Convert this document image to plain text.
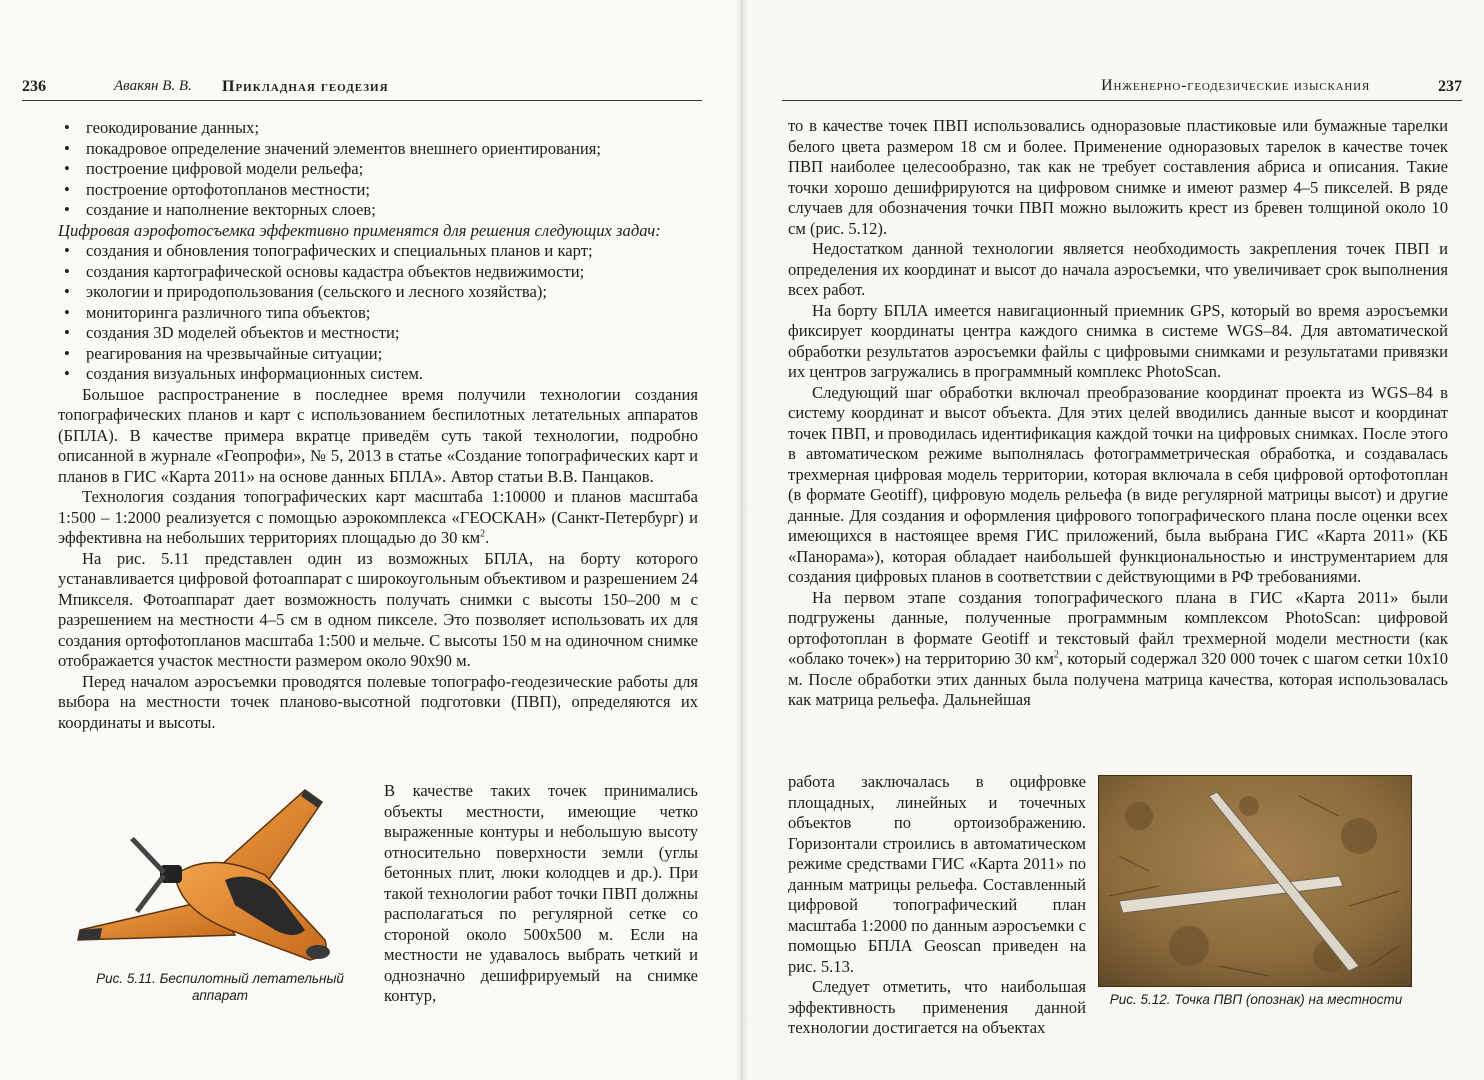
236	Авакян В. В. Прикладная геодезия
• геокодирование данных;
• покадровое определение значений элементов внешнего ориентирования;
• построение цифровой модели рельефа;
• построение ортофотопланов местности;
• создание и наполнение векторных слоев;

Цифровая аэрофотосъемка эффективно применятся для решения следующих задач:

• создания и обновления топографических и специальных планов и карт;
• создания картографической основы кадастра объектов недвижимости;
• экологии и природопользования (сельского и лесного хозяйства);
• мониторинга различного типа объектов;
• создания 3D моделей объектов и местности;
• реагирования на чрезвычайные ситуации;
• создания визуальных информационных систем.

Большое распространение в последнее время получили технологии создания топографических планов и карт с использованием беспилотных летательных аппаратов (БПЛА). В качестве примера вкратце приведём суть такой технологии, подробно описанной в журнале «Геопрофи», № 5, 2013 в статье «Создание топографических карт и планов в ГИС «Карта 2011» на основе данных БПЛА». Автор статьи В.В. Панцаков.

Технология создания топографических карт масштаба 1:10000 и планов масштаба 1:500 – 1:2000 реализуется с помощью аэрокомплекса «ГЕОСКАН» (Санкт-Петербург) и эффективна на небольших территориях площадью до 30 $км^2$.

На рис. 5.11 представлен один из возможных БПЛА, на борту которого устанавливается цифровой фотоаппарат с широкоугольным объективом и разрешением 24 Мпикселя. Фотоаппарат дает возможность получать снимки с высоты 150–200 м с разрешением на местности 4–5 см в одном пикселе. Это позволяет использовать их для создания ортофотопланов масштаба 1:500 и мельче. С высоты 150 м на одиночном снимке отображается участок местности размером около 90х90 м.

Перед началом аэросъемки проводятся полевые топографо-геодезические работы для выбора на местности точек планово-высотной подготовки (ПВП), определяются их координаты и высоты.

Рис. 5.11. Беспилотный летательный аппарат
В качестве таких точек принимались объекты местности, имеющие четко выраженные контуры и небольшую высоту относительно поверхности земли (углы бетонных плит, люки колодцев и др.). При такой технологии работ точки ПВП должны располагаться по регулярной сетке со стороной около 500х500 м. Если на местности не удавалось выбрать четкий и однозначно дешифрируемый на снимке контур,
Инженерно-геодезические изыскания	237

то в качестве точек ПВП использовались одноразовые пластиковые или бумажные тарелки белого цвета размером 18 см и более. Применение одноразовых тарелок в качестве точек ПВП наиболее целесообразно, так как не требует составления абриса и описания. Такие точки хорошо дешифрируются на цифровом снимке и имеют размер 4–5 пикселей. В ряде случаев для обозначения точки ПВП можно выложить крест из бревен толщиной около 10 см (рис. 5.12).

Недостатком данной технологии является необходимость закрепления точек ПВП и определения их координат и высот до начала аэросъемки, что увеличивает срок выполнения всех работ.

На борту БПЛА имеется навигационный приемник GPS, который во время аэросъемки фиксирует координаты центра каждого снимка в системе WGS–84. Для автоматической обработки результатов аэросъемки файлы с цифровыми снимками и результатами привязки их центров загружались в программный комплекс PhotoScan.

Следующий шаг обработки включал преобразование координат проекта из WGS–84 в систему координат и высот объекта. Для этих целей вводились данные высот и координат точек ПВП, и проводилась идентификация каждой точки на цифровых снимках. После этого в автоматическом режиме выполнялась фотограмметрическая обработка, и создавалась трехмерная цифровая модель территории, которая включала в себя цифровой ортофотоплан (в формате Geotiff), цифровую модель рельефа (в виде регулярной матрицы высот) и другие данные. Для создания и оформления цифрового топографического плана после оценки всех имеющихся в настоящее время ГИС приложений, была выбрана ГИС «Карта 2011» (КБ «Панорама»), которая обладает наибольшей функциональностью и инструментарием для создания цифровых планов в соответствии с действующими в РФ требованиями.

На первом этапе создания топографического плана в ГИС «Карта 2011» были подгружены данные, полученные программным комплексом PhotoScan: цифровой ортофотоплан в формате Geotiff и текстовый файл трехмерной модели местности (как «облако точек») на территорию 30 $км^2$, который содержал 320 000 точек с шагом сетки 10х10 м. После обработки этих данных была получена матрица качества, которая использовалась как матрица рельефа. Дальнейшая

работа заключалась в оцифровке площадных, линейных и точечных объектов по ортоизображению. Горизонтали строились в автоматическом режиме средствами ГИС «Карта 2011» по данным матрицы рельефа. Составленный цифровой топографический план масштаба 1:2000 по данным аэросъемки с помощью БПЛА Geoscan приведен на рис. 5.13.

Следует отметить, что наибольшая эффективность применения данной технологии достигается на объектах

Рис. 5.12. Точка ПВП (опознак) на местности
